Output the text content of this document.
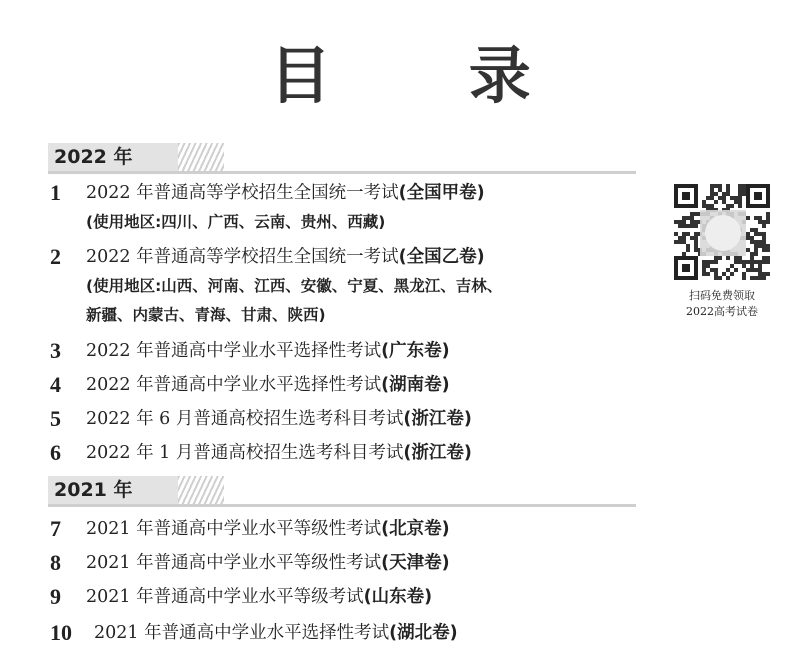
目 录
2022 年
1 2022 年普通高等学校招生全国统一考试(全国甲卷)
(使用地区:四川、广西、云南、贵州、西藏)
2 2022 年普通高等学校招生全国统一考试(全国乙卷)
(使用地区:山西、河南、江西、安徽、宁夏、黑龙江、吉林、
新疆、内蒙古、青海、甘肃、陕西)
3 2022 年普通高中学业水平选择性考试(广东卷)
4 2022 年普通高中学业水平选择性考试(湖南卷)
5 2022 年 6 月普通高校招生选考科目考试(浙江卷)
6 2022 年 1 月普通高校招生选考科目考试(浙江卷)
2021 年
7 2021 年普通高中学业水平等级性考试(北京卷)
8 2021 年普通高中学业水平等级性考试(天津卷)
9 2021 年普通高中学业水平等级考试(山东卷)
10 2021 年普通高中学业水平选择性考试(湖北卷)
扫码免费领取
2022高考试卷
